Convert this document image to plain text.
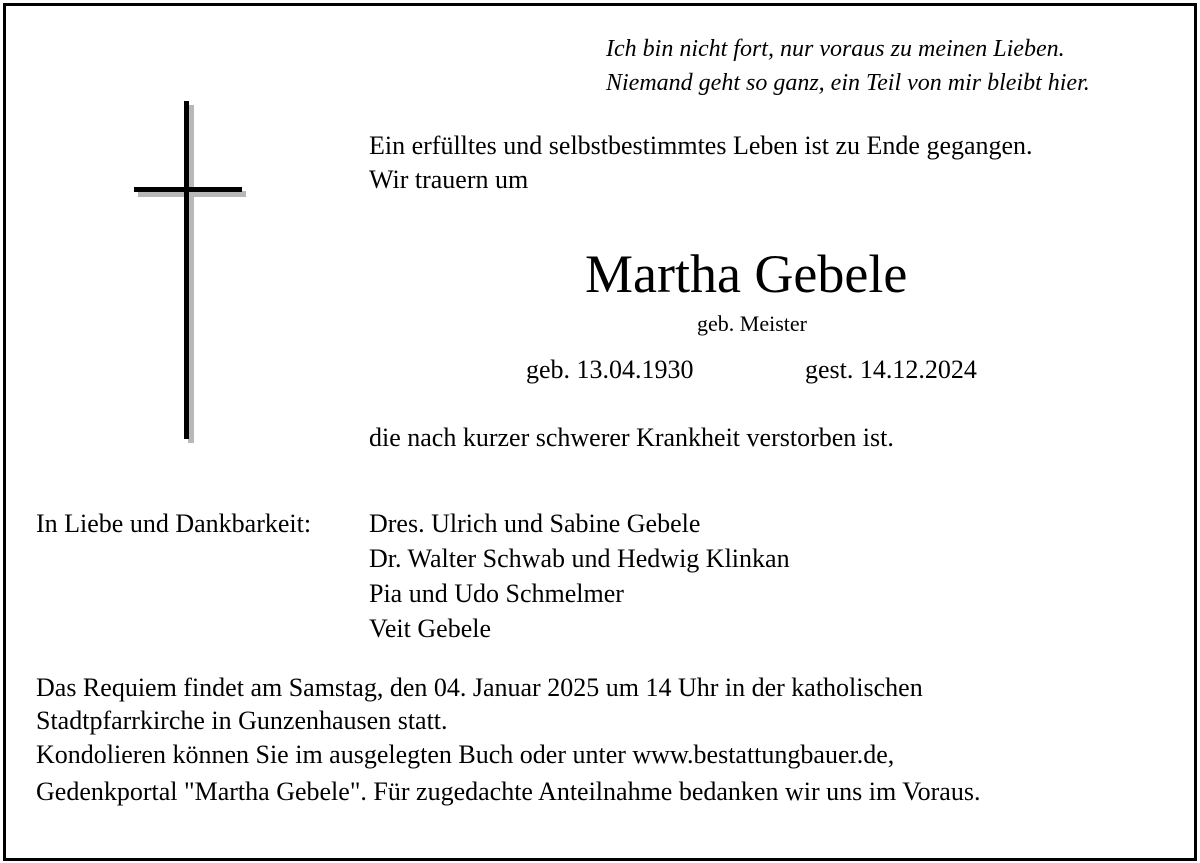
Ich bin nicht fort, nur voraus zu meinen Lieben.

Niemand geht so ganz, ein Teil von mir bleibt hier.

Ein erfülltes und selbstbestimmtes Leben ist zu Ende gegangen.

Wir trauern um

Martha Gebele

geb. Meister

geb. 13.04.1930	gest. 14.12.2024

die nach kurzer schwerer Krankheit verstorben ist.

In Liebe und Dankbarkeit: Dres. Ulrich und Sabine Gebele

Dr. Walter Schwab und Hedwig Klinkan

Pia und Udo Schmelmer

Veit Gebele

Das Requiem findet am Samstag, den 04. Januar 2025 um 14 Uhr in der katholischen

Stadtpfarrkirche in Gunzenhausen statt.

Kondolieren können Sie im ausgelegten Buch oder unter www.bestattungbauer.de,

Gedenkportal "Martha Gebele". Für zugedachte Anteilnahme bedanken wir uns im Voraus.
